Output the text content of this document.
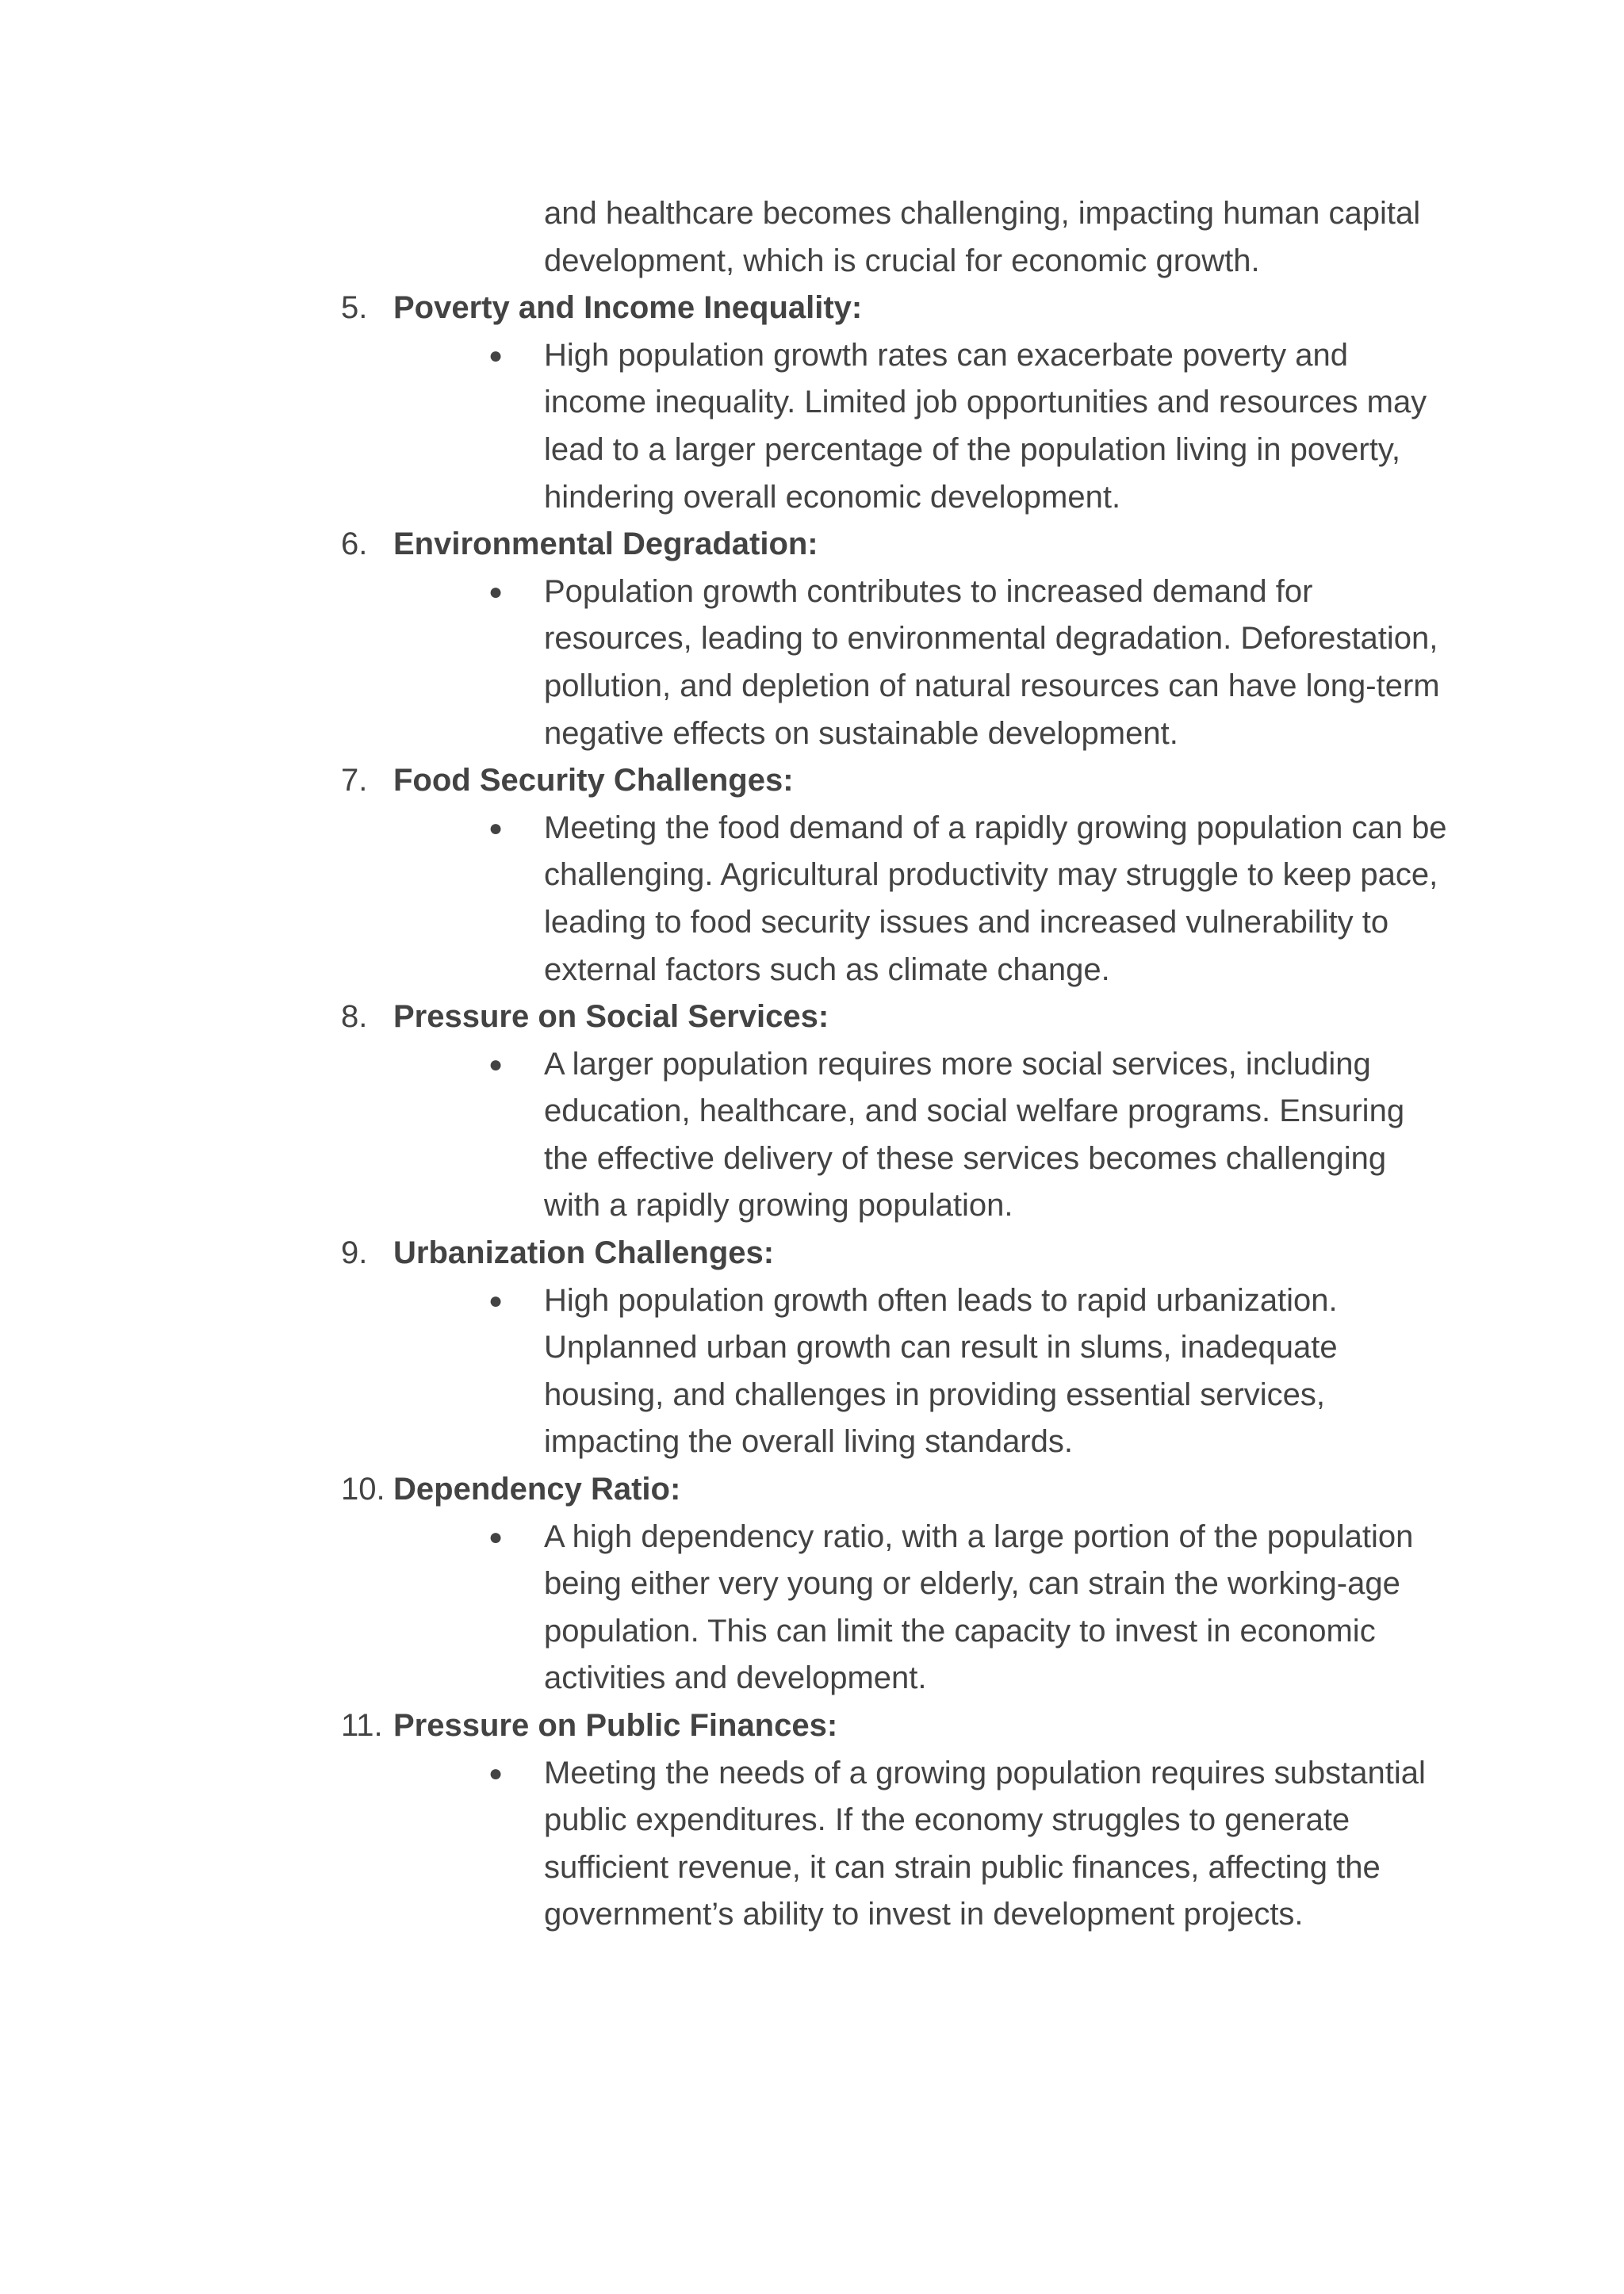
and healthcare becomes challenging, impacting human capital development, which is crucial for economic growth.
5. Poverty and Income Inequality:
●	High population growth rates can exacerbate poverty and income inequality. Limited job opportunities and resources may lead to a larger percentage of the population living in poverty, hindering overall economic development.
6. Environmental Degradation:
●	Population growth contributes to increased demand for resources, leading to environmental degradation. Deforestation, pollution, and depletion of natural resources can have long-term negative effects on sustainable development.
7. Food Security Challenges:
●	Meeting the food demand of a rapidly growing population can be challenging. Agricultural productivity may struggle to keep pace, leading to food security issues and increased vulnerability to external factors such as climate change.
8. Pressure on Social Services:
●	A larger population requires more social services, including education, healthcare, and social welfare programs. Ensuring the effective delivery of these services becomes challenging with a rapidly growing population.
9. Urbanization Challenges:
●	High population growth often leads to rapid urbanization. Unplanned urban growth can result in slums, inadequate housing, and challenges in providing essential services, impacting the overall living standards.
10. Dependency Ratio:
●	A high dependency ratio, with a large portion of the population being either very young or elderly, can strain the working-age population. This can limit the capacity to invest in economic activities and development.
11. Pressure on Public Finances:
●	Meeting the needs of a growing population requires substantial public expenditures. If the economy struggles to generate sufficient revenue, it can strain public finances, affecting the government’s ability to invest in development projects.
